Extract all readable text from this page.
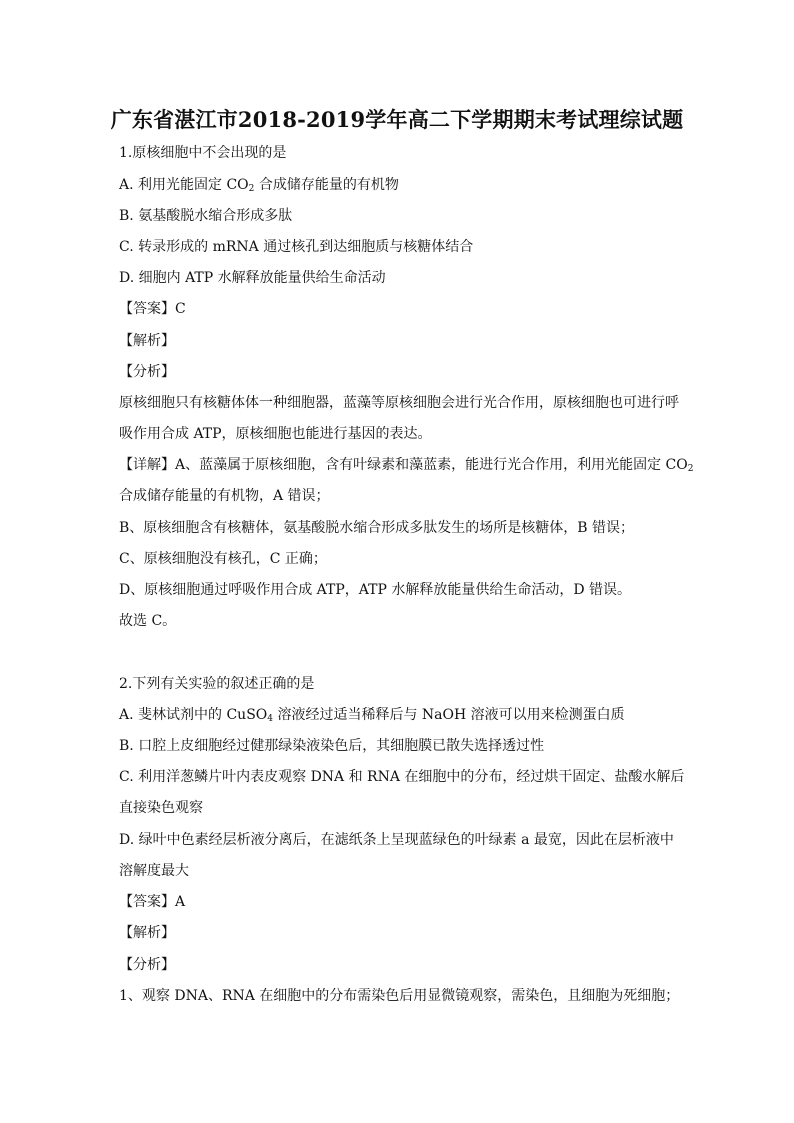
广东省湛江市2018-2019学年高二下学期期末考试理综试题
1.原核细胞中不会出现的是
A. 利用光能固定 $CO_2$ 合成储存能量的有机物
B. 氨基酸脱水缩合形成多肽
C. 转录形成的 mRNA 通过核孔到达细胞质与核糖体结合
D. 细胞内 ATP 水解释放能量供给生命活动
【答案】C
【解析】
【分析】
原核细胞只有核糖体体一种细胞器，蓝藻等原核细胞会进行光合作用，原核细胞也可进行呼
吸作用合成 ATP，原核细胞也能进行基因的表达。
【详解】A、蓝藻属于原核细胞，含有叶绿素和藻蓝素，能进行光合作用，利用光能固定 $CO_2$
合成储存能量的有机物，A 错误；
B、原核细胞含有核糖体，氨基酸脱水缩合形成多肽发生的场所是核糖体，B 错误；
C、原核细胞没有核孔，C 正确；
D、原核细胞通过呼吸作用合成 ATP，ATP 水解释放能量供给生命活动，D 错误。
故选 C。
2.下列有关实验的叙述正确的是
A. 斐林试剂中的 CuSO$_4$ 溶液经过适当稀释后与 NaOH 溶液可以用来检测蛋白质
B. 口腔上皮细胞经过健那绿染液染色后，其细胞膜已散失选择透过性
C. 利用洋葱鳞片叶内表皮观察 DNA 和 RNA 在细胞中的分布，经过烘干固定、盐酸水解后
直接染色观察
D. 绿叶中色素经层析液分离后，在滤纸条上呈现蓝绿色的叶绿素 a 最宽，因此在层析液中
溶解度最大
【答案】A
【解析】
【分析】
1、观察 DNA、RNA 在细胞中的分布需染色后用显微镜观察，需染色，且细胞为死细胞；
